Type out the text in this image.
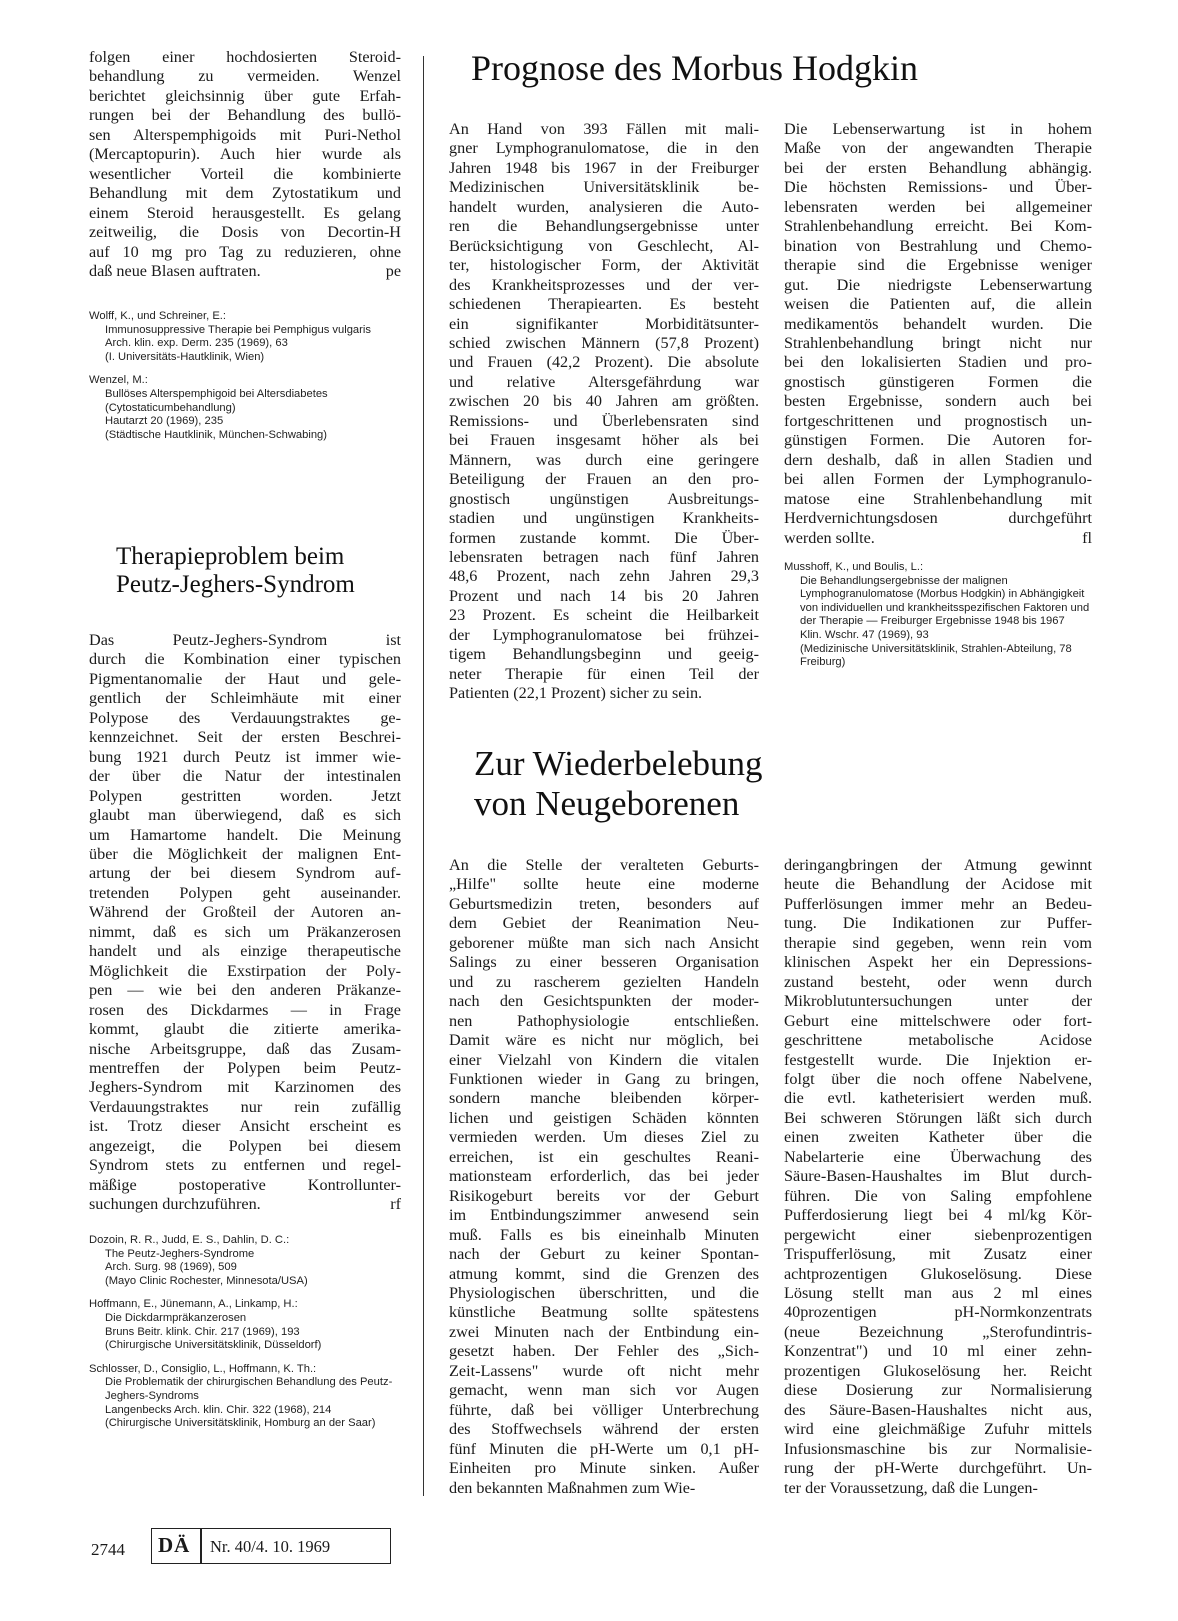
folgen einer hochdosierten Steroid-
behandlung zu vermeiden. Wenzel
berichtet gleichsinnig über gute Erfah-
rungen bei der Behandlung des bullö-
sen Alterspemphigoids mit Puri-Nethol
(Mercaptopurin). Auch hier wurde als
wesentlicher Vorteil die kombinierte
Behandlung mit dem Zytostatikum und
einem Steroid herausgestellt. Es gelang
zeitweilig, die Dosis von Decortin-H
auf 10 mg pro Tag zu reduzieren, ohne
daß neue Blasen auftraten.	pe
Wolff, K., und Schreiner, E.:
Immunosuppressive Therapie bei Pemphigus vulgaris
Arch. klin. exp. Derm. 235 (1969), 63
(I. Universitäts-Hautklinik, Wien)
Wenzel, M.:
Bullöses Alterspemphigoid bei Altersdiabetes (Cytostaticumbehandlung)
Hautarzt 20 (1969), 235
(Städtische Hautklinik, München-Schwabing)
Therapieproblem beim
Peutz-Jeghers-Syndrom
Das Peutz-Jeghers-Syndrom ist
durch die Kombination einer typischen
Pigmentanomalie der Haut und gele-
gentlich der Schleimhäute mit einer
Polypose des Verdauungstraktes ge-
kennzeichnet. Seit der ersten Beschrei-
bung 1921 durch Peutz ist immer wie-
der über die Natur der intestinalen
Polypen gestritten worden. Jetzt
glaubt man überwiegend, daß es sich
um Hamartome handelt. Die Meinung
über die Möglichkeit der malignen Ent-
artung der bei diesem Syndrom auf-
tretenden Polypen geht auseinander.
Während der Großteil der Autoren an-
nimmt, daß es sich um Präkanzerosen
handelt und als einzige therapeutische
Möglichkeit die Exstirpation der Poly-
pen — wie bei den anderen Präkanze-
rosen des Dickdarmes — in Frage
kommt, glaubt die zitierte amerika-
nische Arbeitsgruppe, daß das Zusam-
mentreffen der Polypen beim Peutz-
Jeghers-Syndrom mit Karzinomen des
Verdauungstraktes nur rein zufällig
ist. Trotz dieser Ansicht erscheint es
angezeigt, die Polypen bei diesem
Syndrom stets zu entfernen und regel-
mäßige postoperative Kontrollunter-
suchungen durchzuführen.	rf
Dozoin, R. R., Judd, E. S., Dahlin, D. C.:
The Peutz-Jeghers-Syndrome
Arch. Surg. 98 (1969), 509
(Mayo Clinic Rochester, Minnesota/USA)
Hoffmann, E., Jünemann, A., Linkamp, H.:
Die Dickdarmpräkanzerosen
Bruns Beitr. klink. Chir. 217 (1969), 193
(Chirurgische Universitätsklinik, Düsseldorf)
Schlosser, D., Consiglio, L., Hoffmann, K. Th.:
Die Problematik der chirurgischen Behandlung des Peutz-Jeghers-Syndroms
Langenbecks Arch. klin. Chir. 322 (1968), 214
(Chirurgische Universitätsklinik, Homburg an der Saar)
Prognose des Morbus Hodgkin
An Hand von 393 Fällen mit mali-
gner Lymphogranulomatose, die in den
Jahren 1948 bis 1967 in der Freiburger
Medizinischen Universitätsklinik be-
handelt wurden, analysieren die Auto-
ren die Behandlungsergebnisse unter
Berücksichtigung von Geschlecht, Al-
ter, histologischer Form, der Aktivität
des Krankheitsprozesses und der ver-
schiedenen Therapiearten. Es besteht
ein signifikanter Morbiditätsunter-
schied zwischen Männern (57,8 Prozent)
und Frauen (42,2 Prozent). Die absolute
und relative Altersgefährdung war
zwischen 20 bis 40 Jahren am größten.
Remissions- und Überlebensraten sind
bei Frauen insgesamt höher als bei
Männern, was durch eine geringere
Beteiligung der Frauen an den pro-
gnostisch ungünstigen Ausbreitungs-
stadien und ungünstigen Krankheits-
formen zustande kommt. Die Über-
lebensraten betragen nach fünf Jahren
48,6 Prozent, nach zehn Jahren 29,3
Prozent und nach 14 bis 20 Jahren
23 Prozent. Es scheint die Heilbarkeit
der Lymphogranulomatose bei frühzei-
tigem Behandlungsbeginn und geeig-
neter Therapie für einen Teil der
Patienten (22,1 Prozent) sicher zu sein.
Die Lebenserwartung ist in hohem
Maße von der angewandten Therapie
bei der ersten Behandlung abhängig.
Die höchsten Remissions- und Über-
lebensraten werden bei allgemeiner
Strahlenbehandlung erreicht. Bei Kom-
bination von Bestrahlung und Chemo-
therapie sind die Ergebnisse weniger
gut. Die niedrigste Lebenserwartung
weisen die Patienten auf, die allein
medikamentös behandelt wurden. Die
Strahlenbehandlung bringt nicht nur
bei den lokalisierten Stadien und pro-
gnostisch günstigeren Formen die
besten Ergebnisse, sondern auch bei
fortgeschrittenen und prognostisch un-
günstigen Formen. Die Autoren for-
dern deshalb, daß in allen Stadien und
bei allen Formen der Lymphogranulo-
matose eine Strahlenbehandlung mit
Herdvernichtungsdosen durchgeführt
werden sollte.	fl
Musshoff, K., und Boulis, L.:
Die Behandlungsergebnisse der malignen Lymphogranulomatose (Morbus Hodgkin) in Abhängigkeit von individuellen und krankheitsspezifischen Faktoren und der Therapie — Freiburger Ergebnisse 1948 bis 1967
Klin. Wschr. 47 (1969), 93
(Medizinische Universitätsklinik, Strahlen-Abteilung, 78 Freiburg)
Zur Wiederbelebung
von Neugeborenen
An die Stelle der veralteten Geburts-
„Hilfe" sollte heute eine moderne
Geburtsmedizin treten, besonders auf
dem Gebiet der Reanimation Neu-
geborener müßte man sich nach Ansicht
Salings zu einer besseren Organisation
und zu rascherem gezielten Handeln
nach den Gesichtspunkten der moder-
nen Pathophysiologie entschließen.
Damit wäre es nicht nur möglich, bei
einer Vielzahl von Kindern die vitalen
Funktionen wieder in Gang zu bringen,
sondern manche bleibenden körper-
lichen und geistigen Schäden könnten
vermieden werden. Um dieses Ziel zu
erreichen, ist ein geschultes Reani-
mationsteam erforderlich, das bei jeder
Risikogeburt bereits vor der Geburt
im Entbindungszimmer anwesend sein
muß. Falls es bis eineinhalb Minuten
nach der Geburt zu keiner Spontan-
atmung kommt, sind die Grenzen des
Physiologischen überschritten, und die
künstliche Beatmung sollte spätestens
zwei Minuten nach der Entbindung ein-
gesetzt haben. Der Fehler des „Sich-
Zeit-Lassens" wurde oft nicht mehr
gemacht, wenn man sich vor Augen
führte, daß bei völliger Unterbrechung
des Stoffwechsels während der ersten
fünf Minuten die pH-Werte um 0,1 pH-
Einheiten pro Minute sinken. Außer
den bekannten Maßnahmen zum Wie-
deringangbringen der Atmung gewinnt
heute die Behandlung der Acidose mit
Pufferlösungen immer mehr an Bedeu-
tung. Die Indikationen zur Puffer-
therapie sind gegeben, wenn rein vom
klinischen Aspekt her ein Depressions-
zustand besteht, oder wenn durch
Mikroblutuntersuchungen unter der
Geburt eine mittelschwere oder fort-
geschrittene metabolische Acidose
festgestellt wurde. Die Injektion er-
folgt über die noch offene Nabelvene,
die evtl. katheterisiert werden muß.
Bei schweren Störungen läßt sich durch
einen zweiten Katheter über die
Nabelarterie eine Überwachung des
Säure-Basen-Haushaltes im Blut durch-
führen. Die von Saling empfohlene
Pufferdosierung liegt bei 4 ml/kg Kör-
pergewicht einer siebenprozentigen
Trispufferlösung, mit Zusatz einer
achtprozentigen Glukoselösung. Diese
Lösung stellt man aus 2 ml eines
40prozentigen pH-Normkonzentrats
(neue Bezeichnung „Sterofundintris-
Konzentrat") und 10 ml einer zehn-
prozentigen Glukoselösung her. Reicht
diese Dosierung zur Normalisierung
des Säure-Basen-Haushaltes nicht aus,
wird eine gleichmäßige Zufuhr mittels
Infusionsmaschine bis zur Normalisie-
rung der pH-Werte durchgeführt. Un-
ter der Voraussetzung, daß die Lungen-
2744 DÄ Nr. 40/4. 10. 1969
